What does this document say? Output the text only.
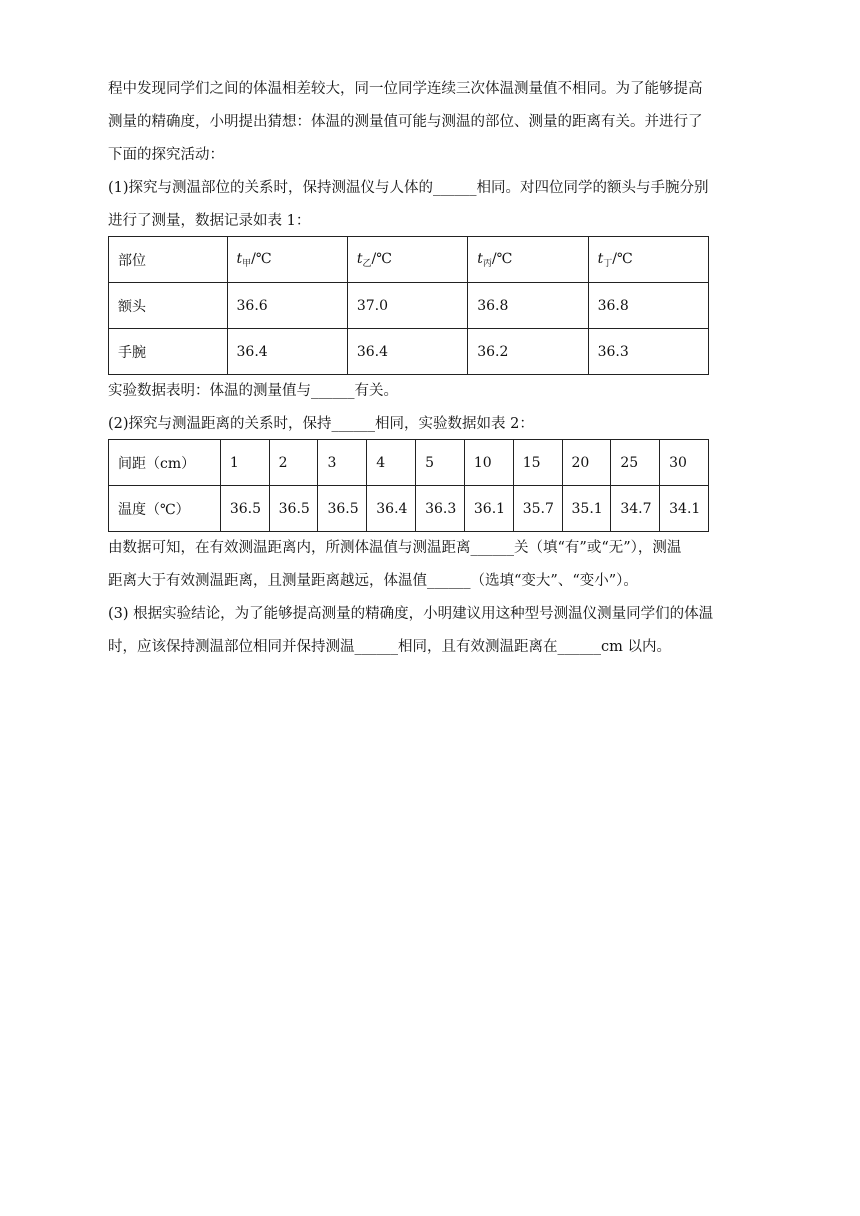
程中发现同学们之间的体温相差较大，同一位同学连续三次体温测量值不相同。为了能够提高
测量的精确度，小明提出猜想：体温的测量值可能与测温的部位、测量的距离有关。并进行了
下面的探究活动：
(1)探究与测温部位的关系时，保持测温仪与人体的______相同。对四位同学的额头与手腕分别
进行了测量，数据记录如表 1：
部位	$t_甲/℃$	$t_乙/℃$	$t_丙/℃$	$t_丁/℃$
额头	36.6	37.0	36.8	36.8
手腕	36.4	36.4	36.2	36.3
实验数据表明：体温的测量值与______有关。
(2)探究与测温距离的关系时，保持______相同，实验数据如表 2：
间距（cm）	1	2	3	4	5	10	15	20	25	30
温度（℃）	36.5	36.5	36.5	36.4	36.3	36.1	35.7	35.1	34.7	34.1
由数据可知，在有效测温距离内，所测体温值与测温距离______关（填“有”或“无”），测温
距离大于有效测温距离，且测量距离越远，体温值______（选填“变大”、“变小”）。
(3) 根据实验结论，为了能够提高测量的精确度，小明建议用这种型号测温仪测量同学们的体温
时，应该保持测温部位相同并保持测温______相同，且有效测温距离在______cm 以内。
